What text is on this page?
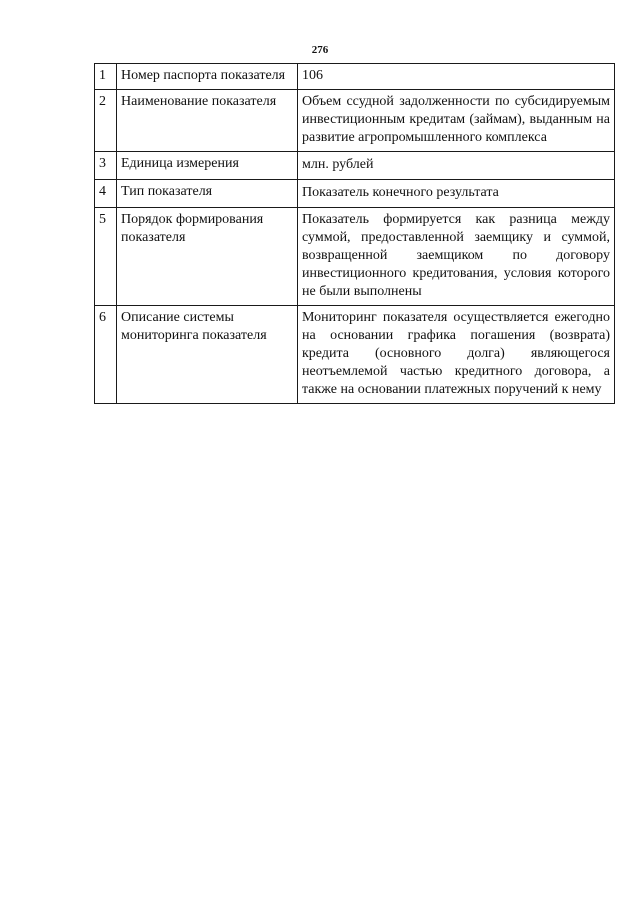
276
1	Номер паспорта показателя	106
2	Наименование показателя	Объем ссудной задолженности по субсидируемым инвестиционным кредитам (займам), выданным на развитие агропромышленного комплекса
3	Единица измерения	млн. рублей
4	Тип показателя	Показатель конечного результата
5	Порядок формирования показателя	Показатель формируется как разница между суммой, предоставленной заемщику и суммой, возвращенной заемщиком по договору инвестиционного кредитования, условия которого не были выполнены
6	Описание системы мониторинга показателя	Мониторинг показателя осуществляется ежегодно на основании графика погашения (возврата) кредита (основного долга) являющегося неотъемлемой частью кредитного договора, а также на основании платежных поручений к нему
